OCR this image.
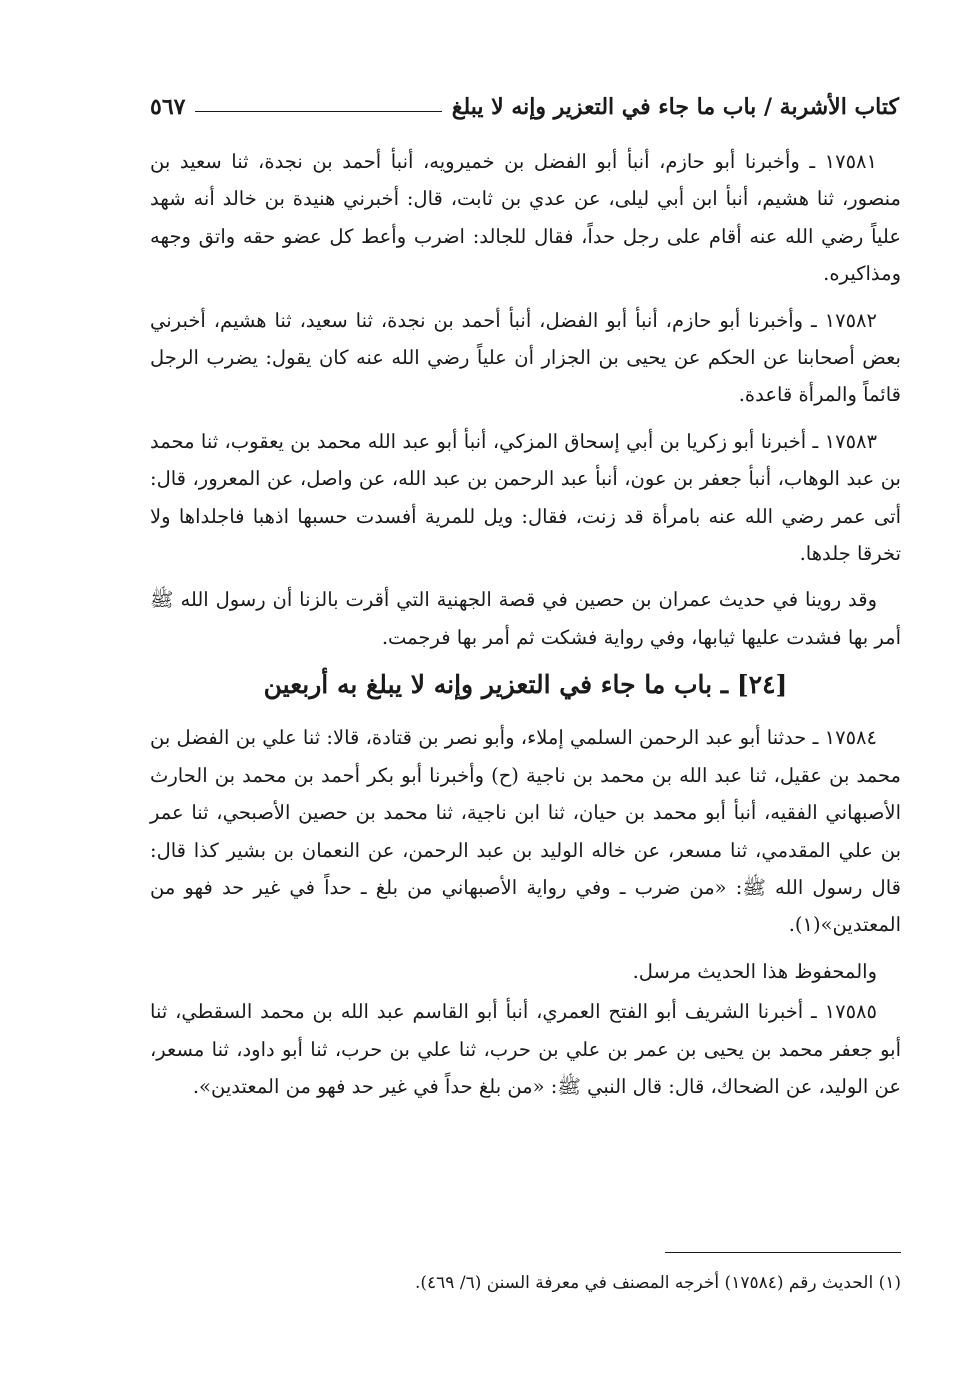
كتاب الأشربة / باب ما جاء في التعزير وإنه لا يبلغ
٥٦٧

١٧٥٨١ ـ وأخبرنا أبو حازم، أنبأ أبو الفضل بن خميرويه، أنبأ أحمد بن نجدة، ثنا سعيد بن منصور، ثنا هشيم، أنبأ ابن أبي ليلى، عن عدي بن ثابت، قال: أخبرني هنيدة بن خالد أنه شهد علياً رضي الله عنه أقام على رجل حداً، فقال للجالد: اضرب وأعط كل عضو حقه واتق وجهه ومذاكيره.

١٧٥٨٢ ـ وأخبرنا أبو حازم، أنبأ أبو الفضل، أنبأ أحمد بن نجدة، ثنا سعيد، ثنا هشيم، أخبرني بعض أصحابنا عن الحكم عن يحيى بن الجزار أن علياً رضي الله عنه كان يقول: يضرب الرجل قائماً والمرأة قاعدة.

١٧٥٨٣ ـ أخبرنا أبو زكريا بن أبي إسحاق المزكي، أنبأ أبو عبد الله محمد بن يعقوب، ثنا محمد بن عبد الوهاب، أنبأ جعفر بن عون، أنبأ عبد الرحمن بن عبد الله، عن واصل، عن المعرور، قال: أتى عمر رضي الله عنه بامرأة قد زنت، فقال: ويل للمرية أفسدت حسبها اذهبا فاجلداها ولا تخرقا جلدها.

وقد روينا في حديث عمران بن حصين في قصة الجهنية التي أقرت بالزنا أن رسول الله ﷺ أمر بها فشدت عليها ثيابها، وفي رواية فشكت ثم أمر بها فرجمت.

[٢٤] ـ باب ما جاء في التعزير وإنه لا يبلغ به أربعين

١٧٥٨٤ ـ حدثنا أبو عبد الرحمن السلمي إملاء، وأبو نصر بن قتادة، قالا: ثنا علي بن الفضل بن محمد بن عقيل، ثنا عبد الله بن محمد بن ناجية (ح) وأخبرنا أبو بكر أحمد بن محمد بن الحارث الأصبهاني الفقيه، أنبأ أبو محمد بن حيان، ثنا ابن ناجية، ثنا محمد بن حصين الأصبحي، ثنا عمر بن علي المقدمي، ثنا مسعر، عن خاله الوليد بن عبد الرحمن، عن النعمان بن بشير كذا قال: قال رسول الله ﷺ: «من ضرب ـ وفي رواية الأصبهاني من بلغ ـ حداً في غير حد فهو من المعتدين»(١).

والمحفوظ هذا الحديث مرسل.

١٧٥٨٥ ـ أخبرنا الشريف أبو الفتح العمري، أنبأ أبو القاسم عبد الله بن محمد السقطي، ثنا أبو جعفر محمد بن يحيى بن عمر بن علي بن حرب، ثنا علي بن حرب، ثنا أبو داود، ثنا مسعر، عن الوليد، عن الضحاك، قال: قال النبي ﷺ: «من بلغ حداً في غير حد فهو من المعتدين».

(١) الحديث رقم (١٧٥٨٤) أخرجه المصنف في معرفة السنن (٦/ ٤٦٩).
